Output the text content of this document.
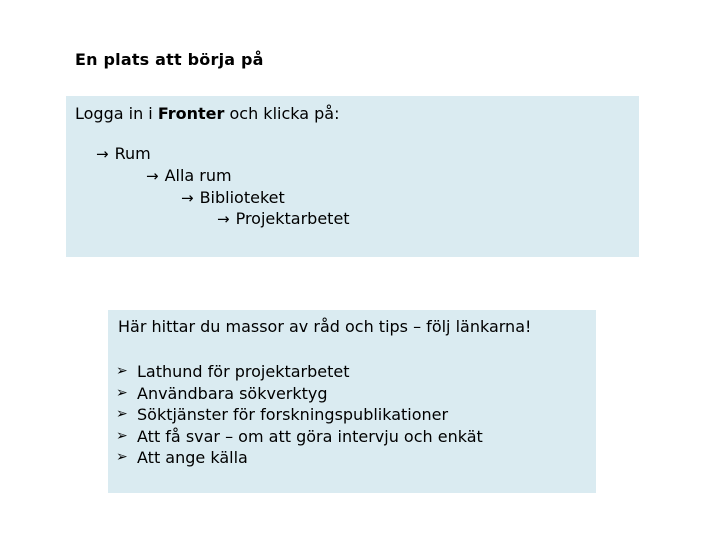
En plats att börja på
Logga in i Fronter och klicka på:
→ Rum
→ Alla rum
→ Biblioteket
→ Projektarbetet
Här hittar du massor av råd och tips – följ länkarna!
➢ Lathund för projektarbetet
➢ Användbara sökverktyg
➢ Söktjänster för forskningspublikationer
➢ Att få svar – om att göra intervju och enkät
➢ Att ange källa
